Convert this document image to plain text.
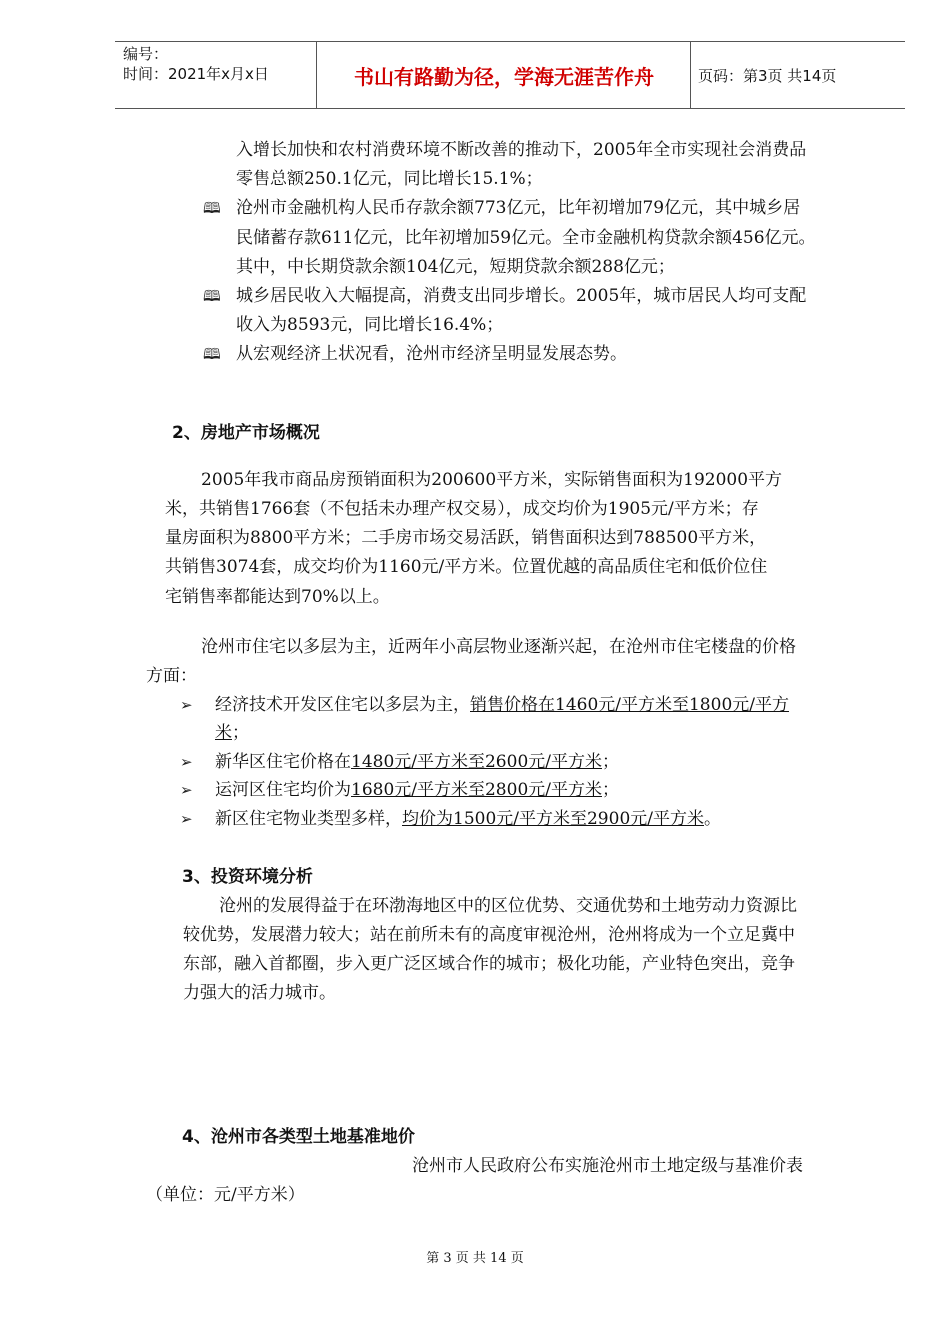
编号：
时间：2021年x月x日	书山有路勤为径，学海无涯苦作舟	页码：第3页 共14页
入增长加快和农村消费环境不断改善的推动下，2005年全市实现社会消费品
零售总额250.1亿元，同比增长15.1%；
🕮 沧州市金融机构人民币存款余额773亿元，比年初增加79亿元，其中城乡居
民储蓄存款611亿元，比年初增加59亿元。全市金融机构贷款余额456亿元。
其中，中长期贷款余额104亿元，短期贷款余额288亿元；
🕮 城乡居民收入大幅提高，消费支出同步增长。2005年，城市居民人均可支配
收入为8593元，同比增长16.4%；
🕮 从宏观经济上状况看，沧州市经济呈明显发展态势。
2、房地产市场概况
2005年我市商品房预销面积为200600平方米，实际销售面积为192000平方
米，共销售1766套（不包括未办理产权交易），成交均价为1905元/平方米；存
量房面积为8800平方米；二手房市场交易活跃，销售面积达到788500平方米，
共销售3074套，成交均价为1160元/平方米。位置优越的高品质住宅和低价位住
宅销售率都能达到70%以上。
沧州市住宅以多层为主，近两年小高层物业逐渐兴起，在沧州市住宅楼盘的价格
方面：
➢ 经济技术开发区住宅以多层为主，销售价格在1460元/平方米至1800元/平方
米；
➢ 新华区住宅价格在1480元/平方米至2600元/平方米；
➢ 运河区住宅均价为1680元/平方米至2800元/平方米；
➢ 新区住宅物业类型多样，均价为1500元/平方米至2900元/平方米。
3、投资环境分析
沧州的发展得益于在环渤海地区中的区位优势、交通优势和土地劳动力资源比
较优势，发展潜力较大；站在前所未有的高度审视沧州，沧州将成为一个立足冀中
东部，融入首都圈，步入更广泛区域合作的城市；极化功能，产业特色突出，竞争
力强大的活力城市。
4、沧州市各类型土地基准地价
沧州市人民政府公布实施沧州市土地定级与基准价表
（单位：元/平方米）
第 3 页 共 14 页
